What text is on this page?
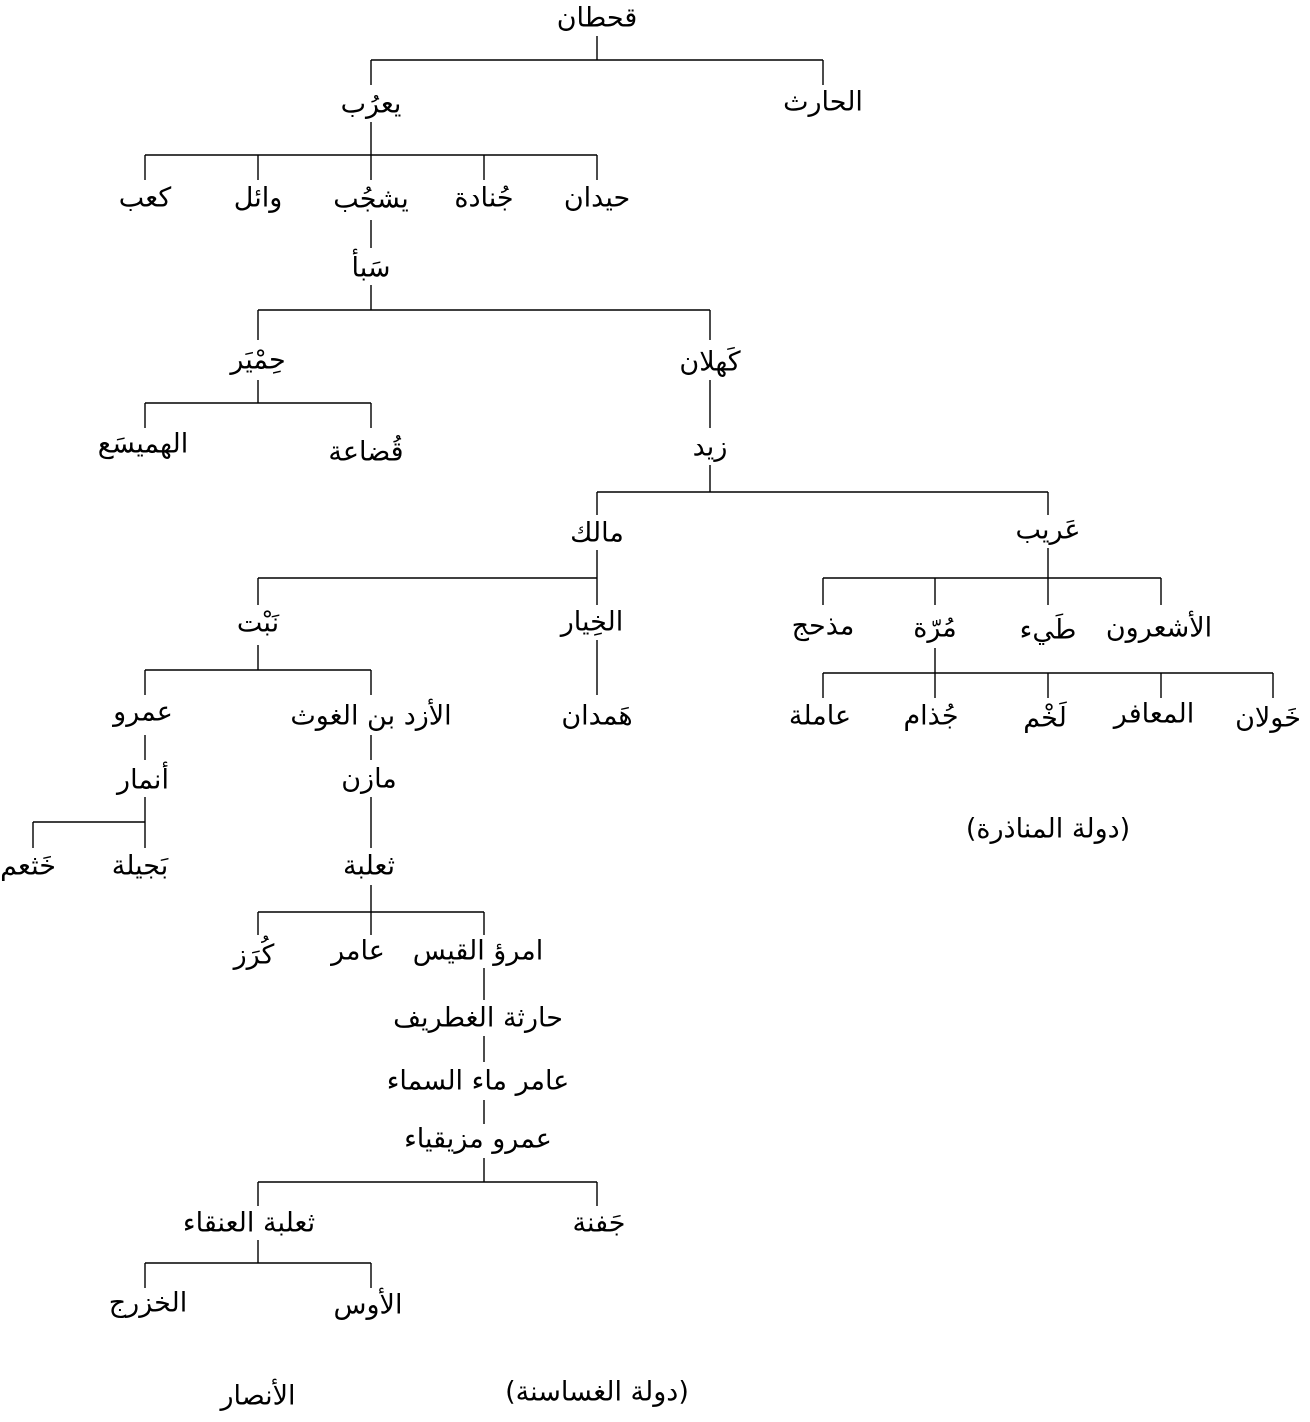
قحطان
الحارث
يعرُب
كعب وائل يشجُب جُنادة حيدان
سَبأ
حِمْيَر	كَهلان
الهميسَع	قُضاعة	زيد
مالك	عَريب
نَبْت	الخِيار	الأشعرون
طَيء
مُرّة
مذحج
عمرو	الأزد بن الغوث	هَمدان	خَولان
المعافر
لَخْم
جُذام
عاملة
أنمار	مازن
(دولة المناذرة)
بَجيلة
خَثعم	ثعلبة
امرؤ القيس
عامر
كُرَز
حارثة الغطريف
عامر ماء السماء
عمرو مزيقياء
ثعلبة العنقاء	جَفنة
الخزرج	الأوس
الأنصار	(دولة الغساسنة)
